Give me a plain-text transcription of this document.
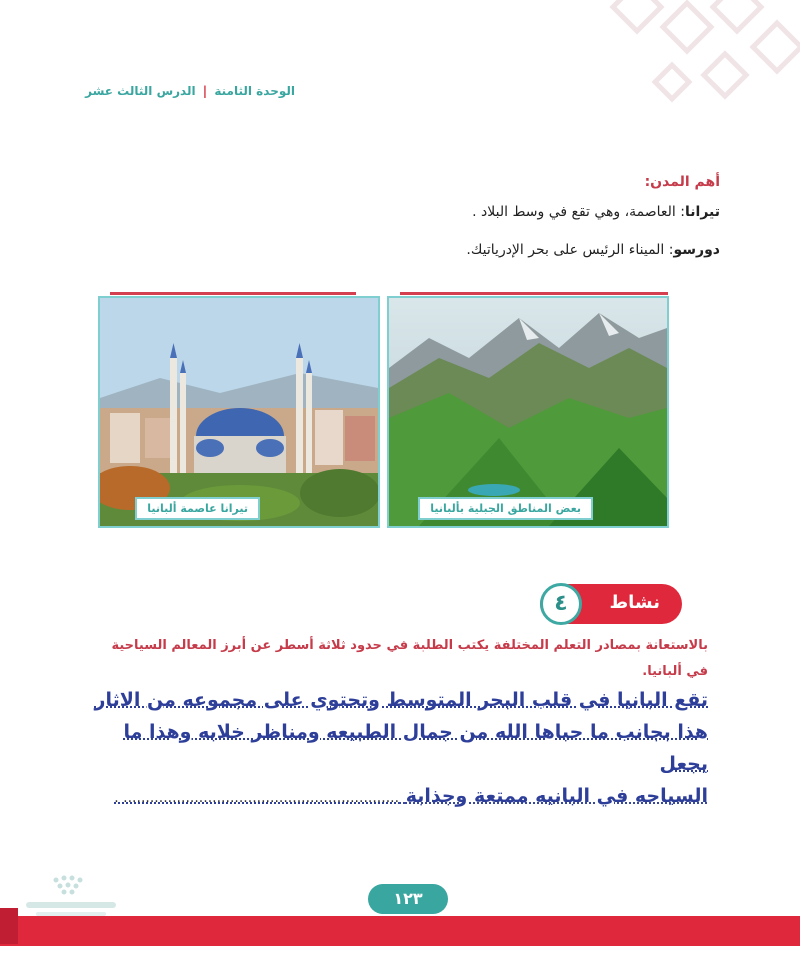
الوحدة الثامنة | الدرس الثالث عشر
أهم المدن:
تيرانا: العاصمة، وهي تقع في وسط البلاد .
دورسو: الميناء الرئيس على بحر الإدرياتيك.
بعض المناطق الجبلية بألبانيا
تيرانا عاصمة ألبانيا
نشاط
٤
بالاستعانة بمصادر التعلم المختلفة يكتب الطلبة في حدود ثلاثة أسطر عن أبرز المعالم السياحية في ألبانيا.
تقع البانيا في قلب البحر المتوسط وتحتوي على مجموعه من الاثار
هذا بجانب ما حباها الله من جمال الطبيعه ومناظر خلابه وهذا ما يجعل
السياحه في البانيه ممتعة وجذابة .............................................................. .
١٢٣
